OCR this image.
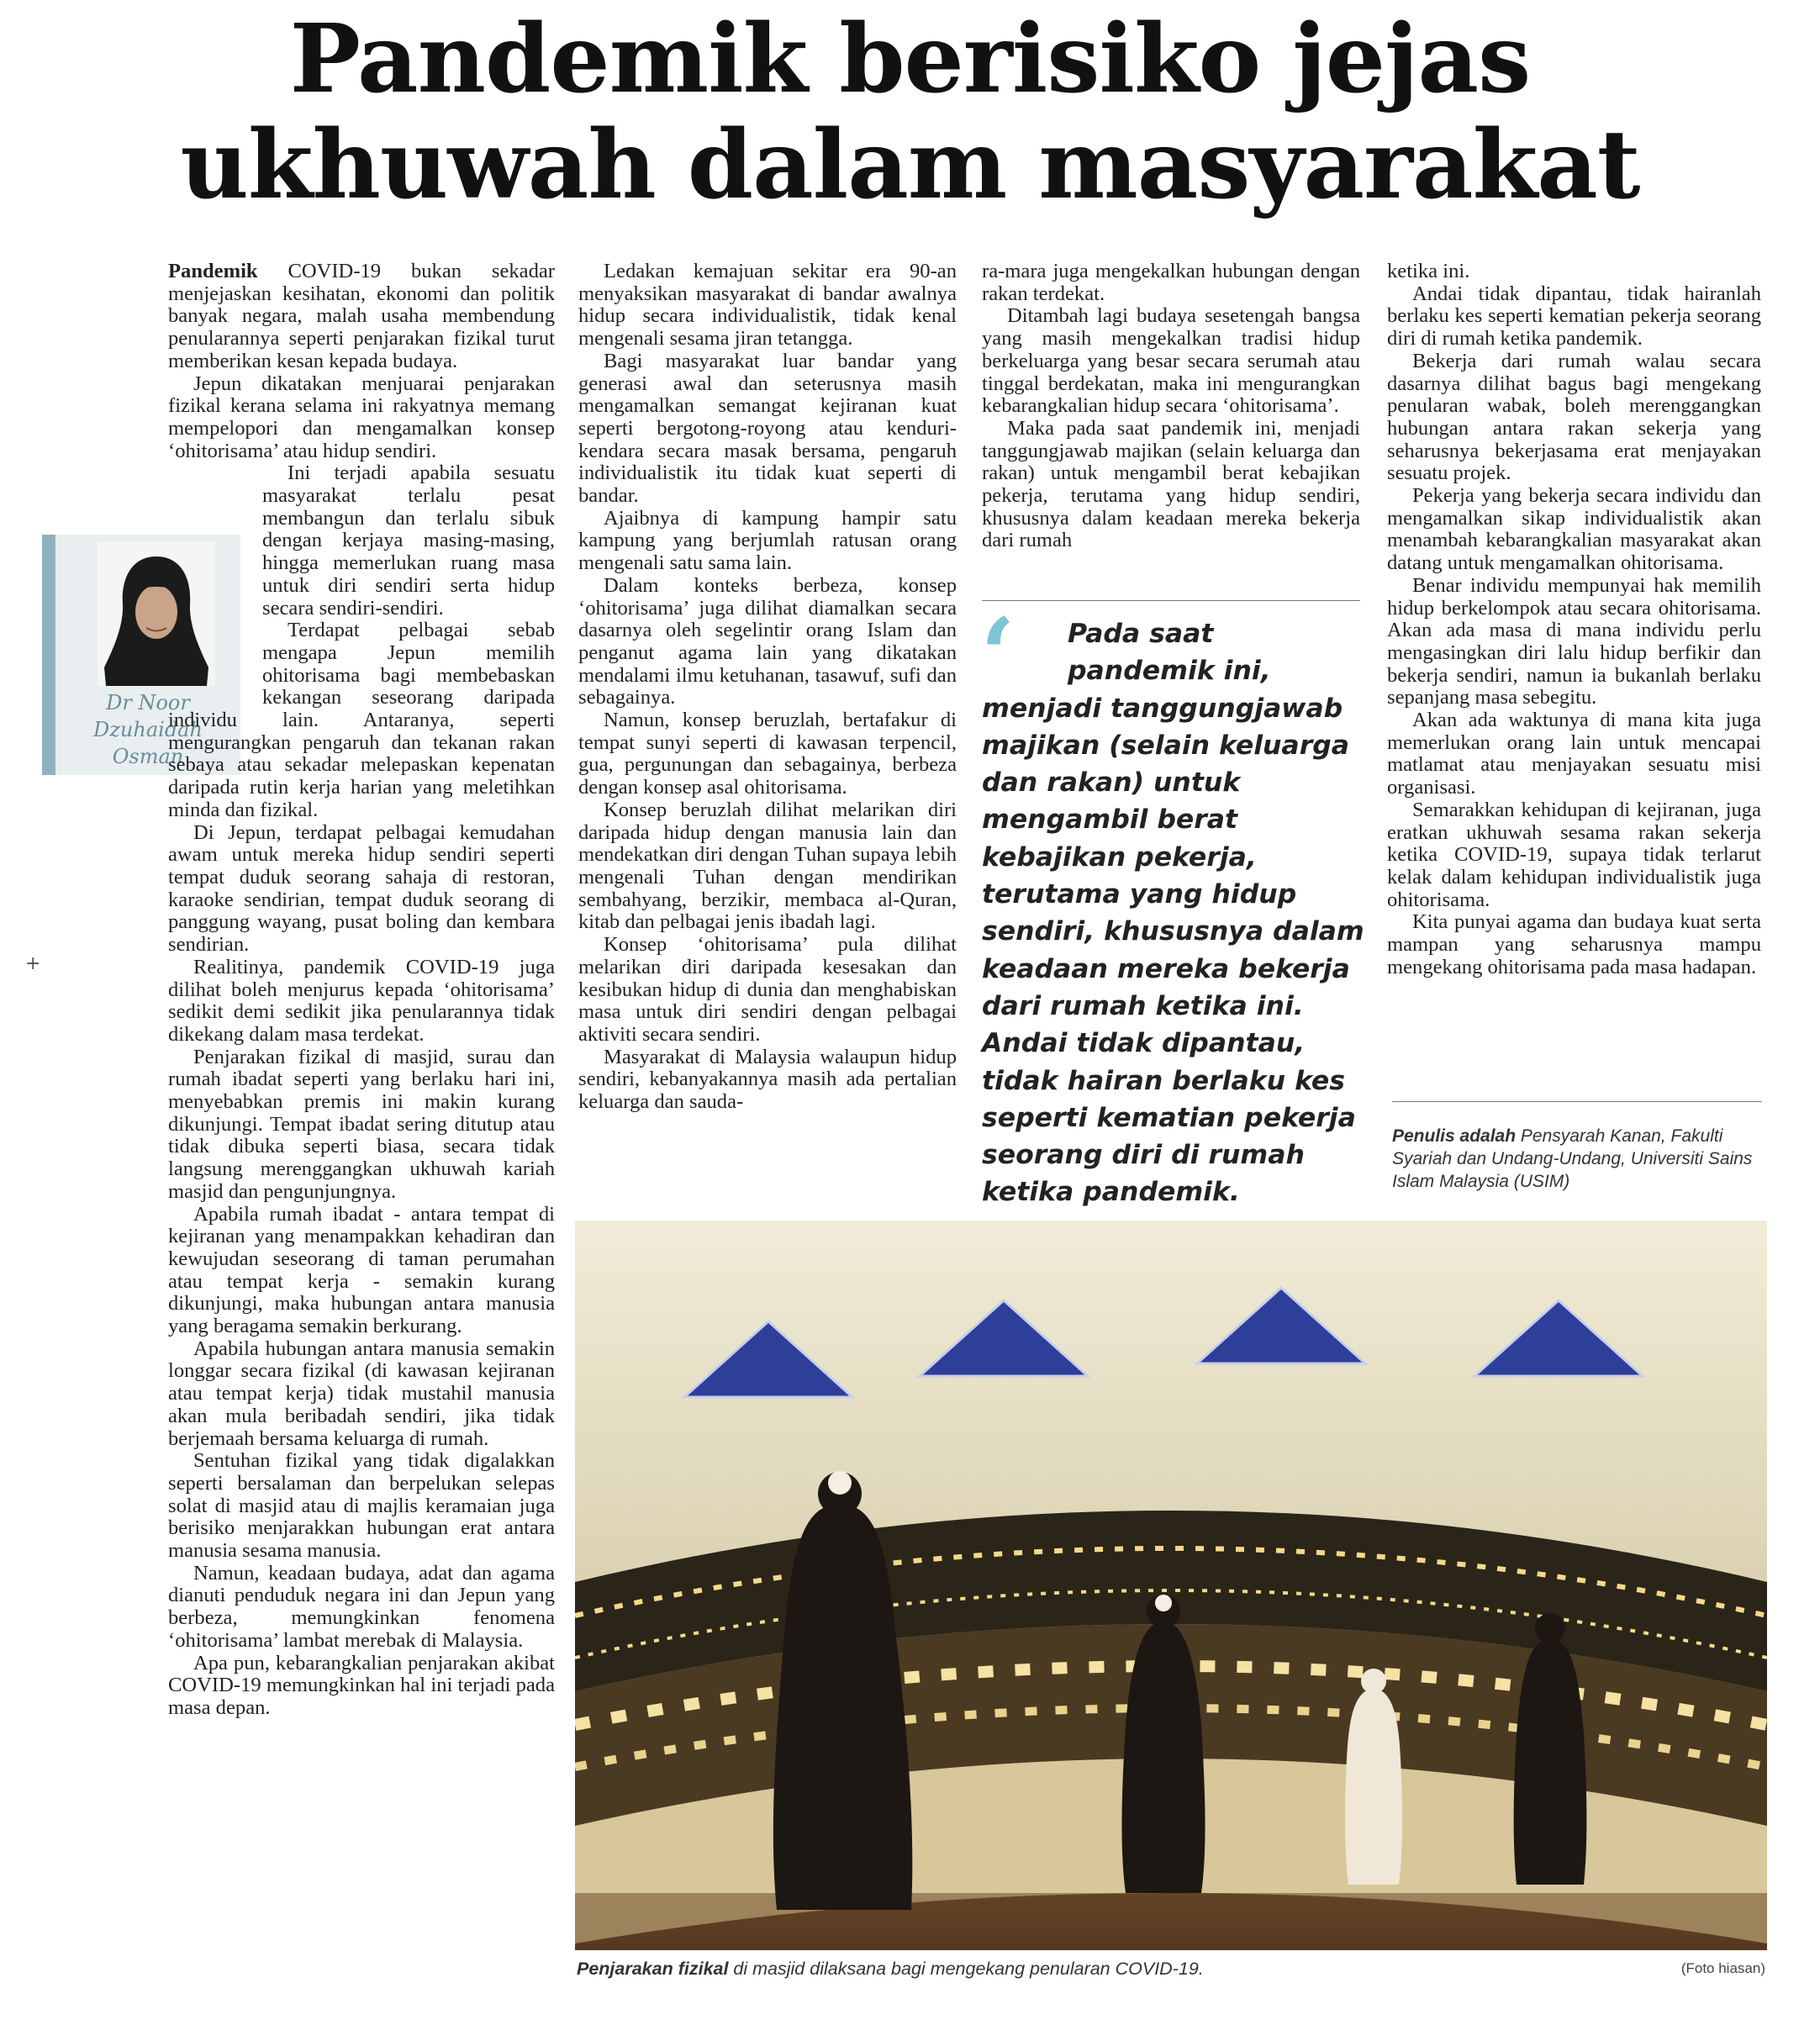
Pandemik berisiko jejas
ukhuwah dalam masyarakat
Dr Noor
Dzuhaidah
Osman
+

Pandemik COVID-19 bukan sekadar menjejaskan kesihatan, ekonomi dan politik banyak negara, malah usaha membendung penularannya seperti penjarakan fizikal turut memberikan kesan kepada budaya.

Jepun dikatakan menjuarai penjarakan fizikal kerana selama ini rakyatnya memang mempelopori dan mengamalkan konsep ‘ohitorisama’ atau hidup sendiri.

Ini terjadi apabila sesuatu masyarakat terlalu pesat membangun dan terlalu sibuk dengan kerjaya masing-masing, hingga memerlukan ruang masa untuk diri sendiri serta hidup secara sendiri-sendiri.

Terdapat pelbagai sebab mengapa Jepun memilih ohitorisama bagi membebaskan kekangan seseorang daripada individu lain. Antaranya, seperti mengurangkan pengaruh dan tekanan rakan sebaya atau sekadar melepaskan kepenatan daripada rutin kerja harian yang meletihkan minda dan fizikal.

Di Jepun, terdapat pelbagai kemudahan awam untuk mereka hidup sendiri seperti tempat duduk seorang sahaja di restoran, karaoke sendirian, tempat duduk seorang di panggung wayang, pusat boling dan kembara sendirian.

Realitinya, pandemik COVID-19 juga dilihat boleh menjurus kepada ‘ohitorisama’ sedikit demi sedikit jika penularannya tidak dikekang dalam masa terdekat.

Penjarakan fizikal di masjid, surau dan rumah ibadat seperti yang berlaku hari ini, menyebabkan premis ini makin kurang dikunjungi. Tempat ibadat sering ditutup atau tidak dibuka seperti biasa, secara tidak langsung merenggangkan ukhuwah kariah masjid dan pengunjungnya.

Apabila rumah ibadat - antara tempat di kejiranan yang menampakkan kehadiran dan kewujudan seseorang di taman perumahan atau tempat kerja - semakin kurang dikunjungi, maka hubungan antara manusia yang beragama semakin berkurang.

Apabila hubungan antara manusia semakin longgar secara fizikal (di kawasan kejiranan atau tempat kerja) tidak mustahil manusia akan mula beribadah sendiri, jika tidak berjemaah bersama keluarga di rumah.

Sentuhan fizikal yang tidak digalakkan seperti bersalaman dan berpelukan selepas solat di masjid atau di majlis keramaian juga berisiko menjarakkan hubungan erat antara manusia sesama manusia.

Namun, keadaan budaya, adat dan agama dianuti penduduk negara ini dan Jepun yang berbeza, memungkinkan fenomena ‘ohitorisama’ lambat merebak di Malaysia.

Apa pun, kebarangkalian penjarakan akibat COVID-19 memungkinkan hal ini terjadi pada masa depan.

Ledakan kemajuan sekitar era 90-an menyaksikan masyarakat di bandar awalnya hidup secara individualistik, tidak kenal mengenali sesama jiran tetangga.

Bagi masyarakat luar bandar yang generasi awal dan seterusnya masih mengamalkan semangat kejiranan kuat seperti bergotong-royong atau kenduri-kendara secara masak bersama, pengaruh individualistik itu tidak kuat seperti di bandar.

Ajaibnya di kampung hampir satu kampung yang berjumlah ratusan orang mengenali satu sama lain.

Dalam konteks berbeza, konsep ‘ohitorisama’ juga dilihat diamalkan secara dasarnya oleh segelintir orang Islam dan penganut agama lain yang dikatakan mendalami ilmu ketuhanan, tasawuf, sufi dan sebagainya.

Namun, konsep beruzlah, bertafakur di tempat sunyi seperti di kawasan terpencil, gua, pergunungan dan sebagainya, berbeza dengan konsep asal ohitorisama.

Konsep beruzlah dilihat melarikan diri daripada hidup dengan manusia lain dan mendekatkan diri dengan Tuhan supaya lebih mengenali Tuhan dengan mendirikan sembahyang, berzikir, membaca al-Quran, kitab dan pelbagai jenis ibadah lagi.

Konsep ‘ohitorisama’ pula dilihat melarikan diri daripada kesesakan dan kesibukan hidup di dunia dan menghabiskan masa untuk diri sendiri dengan pelbagai aktiviti secara sendiri.

Masyarakat di Malaysia walaupun hidup sendiri, kebanyakannya masih ada pertalian keluarga dan sauda-

ra-mara juga mengekalkan hubungan dengan rakan terdekat.

Ditambah lagi budaya sesetengah bangsa yang masih mengekalkan tradisi hidup berkeluarga yang besar secara serumah atau tinggal berdekatan, maka ini mengurangkan kebarangkalian hidup secara ‘ohitorisama’.

Maka pada saat pandemik ini, menjadi tanggungjawab majikan (selain keluarga dan rakan) untuk mengambil berat kebajikan pekerja, terutama yang hidup sendiri, khususnya dalam keadaan mereka bekerja dari rumah

‘	Pada saat pandemik ini, menjadi tanggungjawab majikan (selain keluarga dan rakan) untuk mengambil berat kebajikan pekerja, terutama yang hidup sendiri, khususnya dalam keadaan mereka bekerja dari rumah ketika ini. Andai tidak dipantau, tidak hairan berlaku kes seperti kematian pekerja seorang diri di rumah ketika pandemik.

ketika ini.

Andai tidak dipantau, tidak hairanlah berlaku kes seperti kematian pekerja seorang diri di rumah ketika pandemik.

Bekerja dari rumah walau secara dasarnya dilihat bagus bagi mengekang penularan wabak, boleh merenggangkan hubungan antara rakan sekerja yang seharusnya bekerjasama erat menjayakan sesuatu projek.

Pekerja yang bekerja secara individu dan mengamalkan sikap individualistik akan menambah kebarangkalian masyarakat akan datang untuk mengamalkan ohitorisama.

Benar individu mempunyai hak memilih hidup berkelompok atau secara ohitorisama. Akan ada masa di mana individu perlu mengasingkan diri lalu hidup berfikir dan bekerja sendiri, namun ia bukanlah berlaku sepanjang masa sebegitu.

Akan ada waktunya di mana kita juga memerlukan orang lain untuk mencapai matlamat atau menjayakan sesuatu misi organisasi.

Semarakkan kehidupan di kejiranan, juga eratkan ukhuwah sesama rakan sekerja ketika COVID-19, supaya tidak terlarut kelak dalam kehidupan individualistik juga ohitorisama.

Kita punyai agama dan budaya kuat serta mampan yang seharusnya mampu mengekang ohitorisama pada masa hadapan.

Penulis adalah Pensyarah Kanan, Fakulti Syariah dan Undang-Undang, Universiti Sains Islam Malaysia (USIM)
Penjarakan fizikal di masjid dilaksana bagi mengekang penularan COVID-19.	(Foto hiasan)
